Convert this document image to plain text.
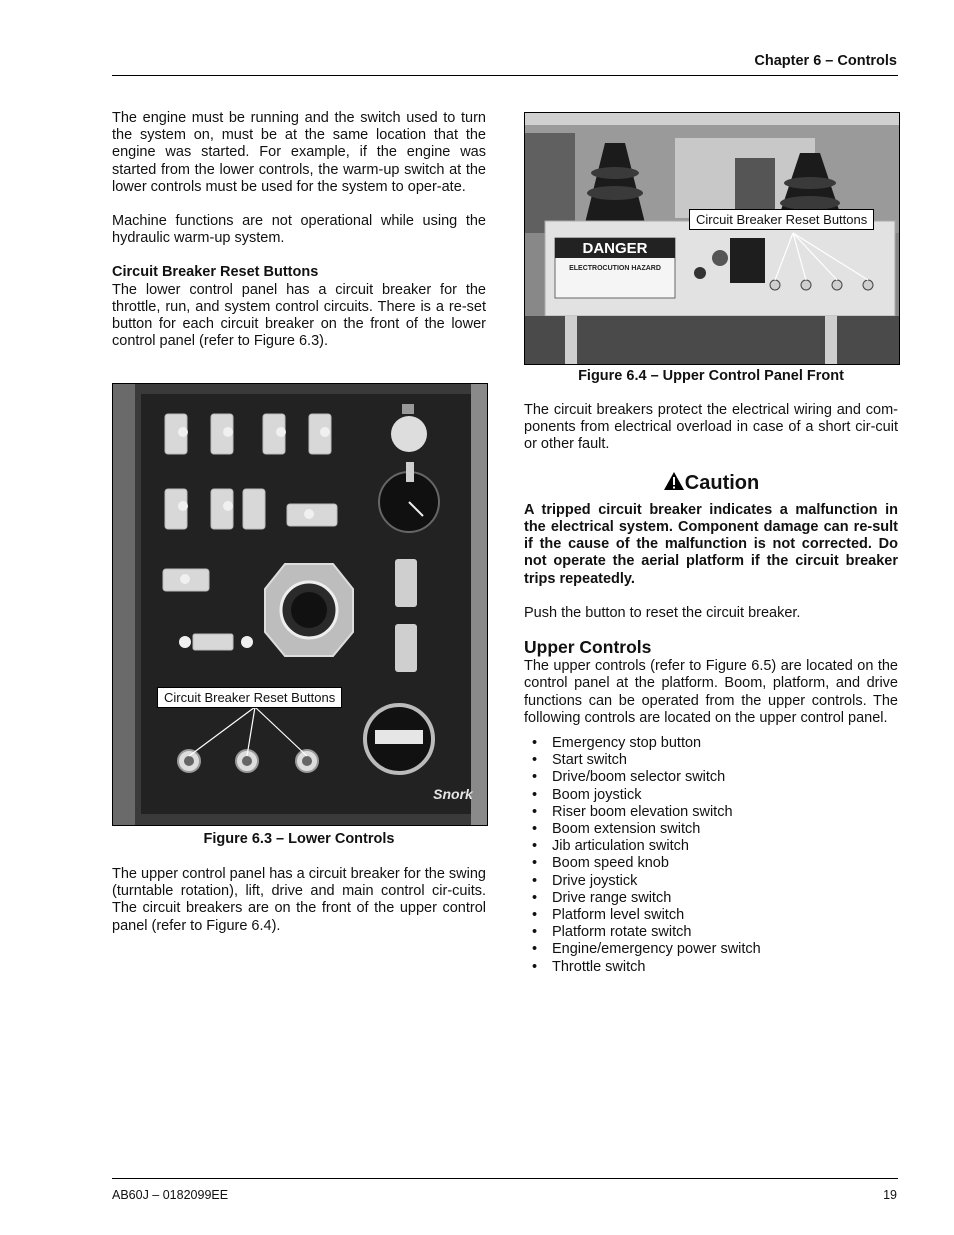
Chapter 6 – Controls

The engine must be running and the switch used to turn the system on, must be at the same location that the engine was started. For example, if the engine was started from the lower controls, the warm-up switch at the lower controls must be used for the system to oper-ate.

Machine functions are not operational while using the hydraulic warm-up system.

Circuit Breaker Reset Buttons

The lower control panel has a circuit breaker for the throttle, run, and system control circuits. There is a re-set button for each circuit breaker on the front of the lower control panel (refer to Figure 6.3).

Snork
Circuit Breaker Reset Buttons
Figure 6.3 – Lower Controls

The upper control panel has a circuit breaker for the swing (turntable rotation), lift, drive and main control cir-cuits. The circuit breakers are on the front of the upper control panel (refer to Figure 6.4).

DANGER
ELECTROCUTION HAZARD
Circuit Breaker Reset Buttons
Figure 6.4 – Upper Control Panel Front

The circuit breakers protect the electrical wiring and com-ponents from electrical overload in case of a short cir-cuit or other fault.

Caution
A tripped circuit breaker indicates a malfunction in the electrical system. Component damage can re-sult if the cause of the malfunction is not corrected. Do not operate the aerial platform if the circuit breaker trips repeatedly.

Push the button to reset the circuit breaker.

Upper Controls

The upper controls (refer to Figure 6.5) are located on the control panel at the platform. Boom, platform, and drive functions can be operated from the upper controls. The following controls are located on the upper control panel.

• Emergency stop button
• Start switch
• Drive/boom selector switch
• Boom joystick
• Riser boom elevation switch
• Boom extension switch
• Jib articulation switch
• Boom speed knob
• Drive joystick
• Drive range switch
• Platform level switch
• Platform rotate switch
• Engine/emergency power switch
• Throttle switch
AB60J – 0182099EE	19
